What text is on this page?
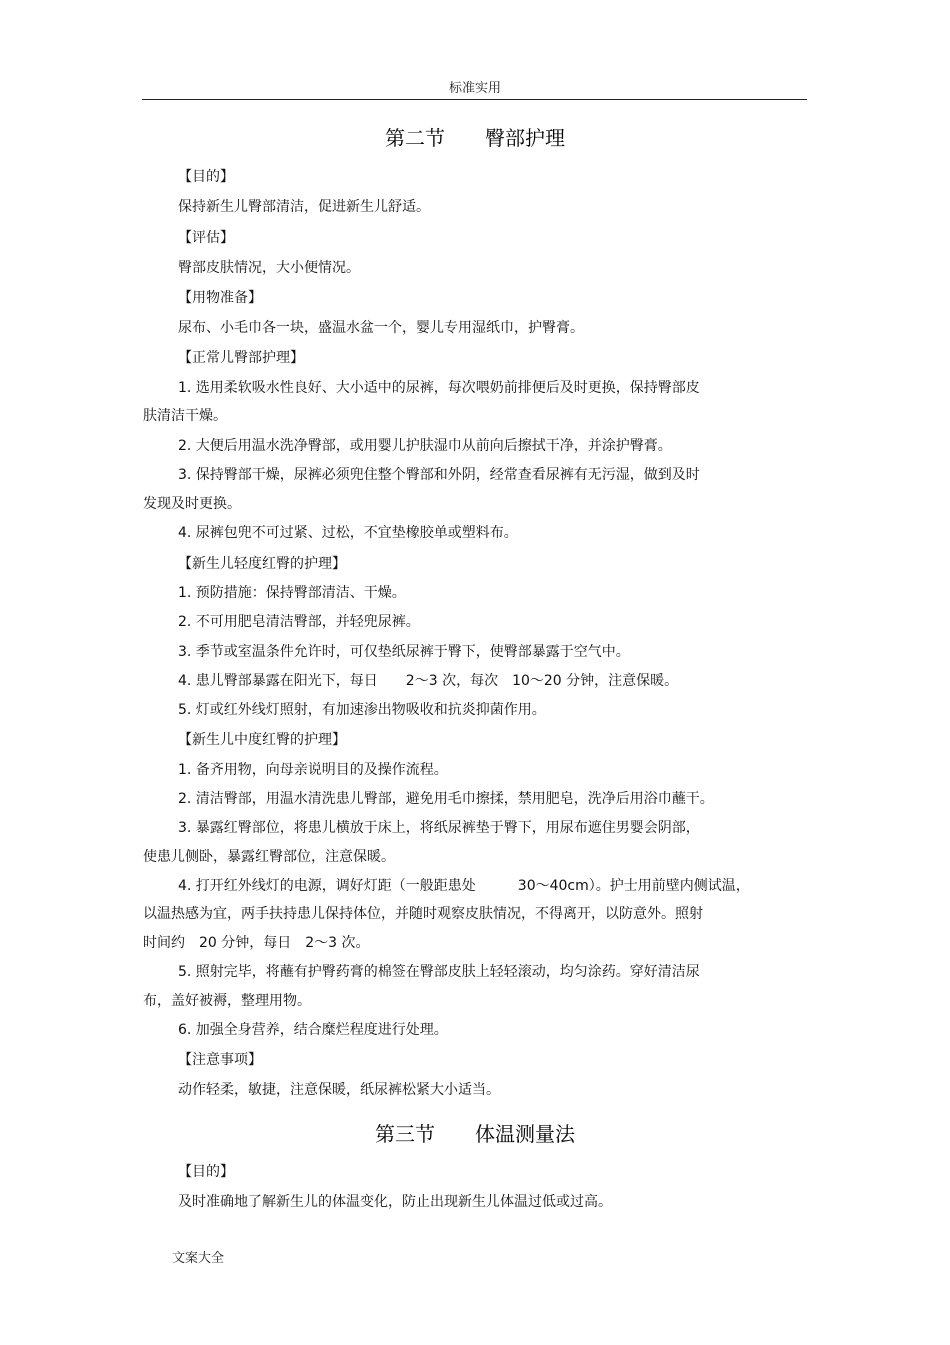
标准实用
第二节　　臀部护理
【目的】
保持新生儿臀部清洁，促进新生儿舒适。
【评估】
臀部皮肤情况，大小便情况。
【用物准备】
尿布、小毛巾各一块，盛温水盆一个，婴儿专用湿纸巾，护臀膏。
【正常儿臀部护理】
1. 选用柔软吸水性良好、大小适中的尿裤，每次喂奶前排便后及时更换，保持臀部皮
肤清洁干燥。
2. 大便后用温水洗净臀部，或用婴儿护肤湿巾从前向后擦拭干净，并涂护臀膏。
3. 保持臀部干燥，尿裤必须兜住整个臀部和外阴，经常查看尿裤有无污湿，做到及时
发现及时更换。
4. 尿裤包兜不可过紧、过松，不宜垫橡胶单或塑料布。
【新生儿轻度红臀的护理】
1. 预防措施：保持臀部清洁、干燥。
2. 不可用肥皂清洁臀部，并轻兜尿裤。
3. 季节或室温条件允许时，可仅垫纸尿裤于臀下，使臀部暴露于空气中。
4. 患儿臀部暴露在阳光下，每日　　2～3 次，每次　10～20 分钟，注意保暖。
5. 灯或红外线灯照射，有加速渗出物吸收和抗炎抑菌作用。
【新生儿中度红臀的护理】
1. 备齐用物，向母亲说明目的及操作流程。
2. 清洁臀部，用温水清洗患儿臀部，避免用毛巾擦揉，禁用肥皂，洗净后用浴巾蘸干。
3. 暴露红臀部位，将患儿横放于床上，将纸尿裤垫于臀下，用尿布遮住男婴会阴部，
使患儿侧卧，暴露红臀部位，注意保暖。
4. 打开红外线灯的电源，调好灯距（一般距患处　　　30～40cm）。护士用前壁内侧试温，
以温热感为宜，两手扶持患儿保持体位，并随时观察皮肤情况，不得离开，以防意外。照射
时间约　20 分钟，每日　2～3 次。
5. 照射完毕，将蘸有护臀药膏的棉签在臀部皮肤上轻轻滚动，均匀涂药。穿好清洁尿
布，盖好被褥，整理用物。
6. 加强全身营养，结合糜烂程度进行处理。
【注意事项】
动作轻柔，敏捷，注意保暖，纸尿裤松紧大小适当。
第三节　　体温测量法
【目的】
及时准确地了解新生儿的体温变化，防止出现新生儿体温过低或过高。
文案大全
